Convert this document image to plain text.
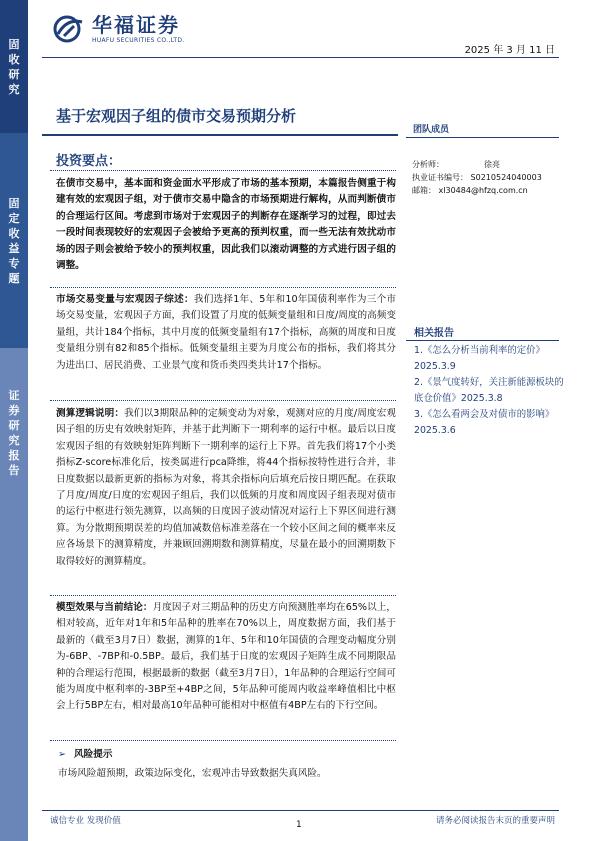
固
收
研
究
固
定
收
益
专
题
证
券
研
究
报
告
华福证券
HUAFU SECURITIES CO.,LTD.
2025 年 3 月 11 日
基于宏观因子组的债市交易预期分析
团队成员
投资要点：
在债市交易中，基本面和资金面水平形成了市场的基本预期，本篇报告侧重于构建有效的宏观因子组，对于债市交易中隐含的市场预期进行解构，从而判断债市的合理运行区间。考虑到市场对于宏观因子的判断存在逐渐学习的过程，即过去一段时间表现较好的宏观因子会被给予更高的预判权重，而一些无法有效扰动市场的因子则会被给予较小的预判权重，因此我们以滚动调整的方式进行因子组的调整。
市场交易变量与宏观因子综述：我们选择1年、5年和10年国债利率作为三个市场交易变量，宏观因子方面，我们设置了月度的低频变量组和日度/周度的高频变量组，共计184个指标，其中月度的低频变量组有17个指标，高频的周度和日度变量组分别有82和85个指标。低频变量组主要为月度公布的指标，我们将其分为进出口、居民消费、工业景气度和货币类四类共计17个指标。
测算逻辑说明：我们以3期限品种的定频变动为对象，观测对应的月度/周度宏观因子组的历史有效映射矩阵，并基于此判断下一期利率的运行中枢。最后以日度宏观因子组的有效映射矩阵判断下一期利率的运行上下界。首先我们将17个小类指标Z-score标准化后，按类属进行pca降维，将44个指标按特性进行合并，非日度数据以最新更新的指标为对象，将其余指标向后填充后按日期匹配。在获取了月度/周度/日度的宏观因子组后，我们以低频的月度和周度因子组表现对债市的运行中枢进行领先测算，以高频的日度因子波动情况对运行上下界区间进行测算。为分散期预期误差的均值加减数倍标准差落在一个较小区间之间的概率来反应各场景下的测算精度，并兼顾回溯期数和测算精度，尽量在最小的回溯期数下取得较好的测算精度。
模型效果与当前结论：月度因子对三期品种的历史方向预测胜率均在65%以上，相对较高，近年对1年和5年品种的胜率在70%以上，周度数据方面，我们基于最新的（截至3月7日）数据，测算的1年、5年和10年国债的合理变动幅度分别为-6BP、-7BP和-0.5BP。最后，我们基于日度的宏观因子矩阵生成不同期限品种的合理运行范围，根据最新的数据（截至3月7日），1年品种的合理运行空间可能为周度中枢利率的-3BP至+4BP之间，5年品种可能周内收益率峰值相比中枢会上行5BP左右，相对最高10年品种可能相对中枢值有4BP左右的下行空间。
➢ 风险提示
市场风险超预期，政策边际变化，宏观冲击导致数据失真风险。
分析师：	徐亮
执业证书编号： S0210524040003
邮箱： xl30484@hfzq.com.cn
相关报告
1.《怎么分析当前利率的定价》2025.3.9
2.《景气度转好，关注新能源板块的底仓价值》2025.3.8
3.《怎么看两会及对债市的影响》2025.3.6
诚信专业 发现价值	请务必阅读报告末页的重要声明
1
